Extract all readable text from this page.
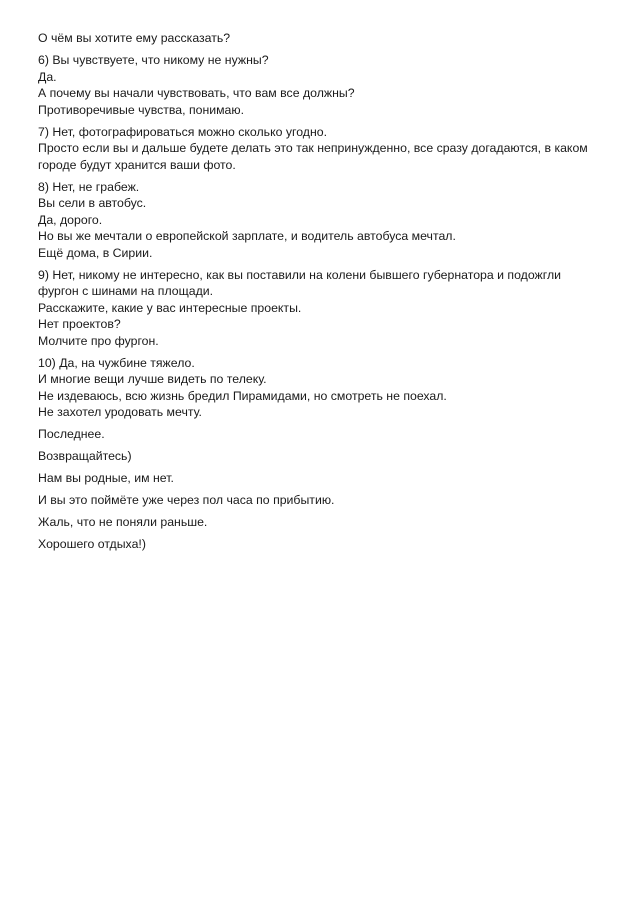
О чём вы хотите ему рассказать?

6) Вы чувствуете, что никому не нужны?
Да.
А почему вы начали чувствовать, что вам все должны?
Противоречивые чувства, понимаю.

7) Нет, фотографироваться можно сколько угодно.
Просто если вы и дальше будете делать это так непринужденно, все сразу догадаются, в каком городе будут хранится ваши фото.

8) Нет, не грабеж.
Вы сели в автобус.
Да, дорого.
Но вы же мечтали о европейской зарплате, и водитель автобуса мечтал.
Ещё дома, в Сирии.

9) Нет, никому не интересно, как вы поставили на колени бывшего губернатора и подожгли фургон с шинами на площади.
Расскажите, какие у вас интересные проекты.
Нет проектов?
Молчите про фургон.

10) Да, на чужбине тяжело.
И многие вещи лучше видеть по телеку.
Не издеваюсь, всю жизнь бредил Пирамидами, но смотреть не поехал.
Не захотел уродовать мечту.

Последнее.

Возвращайтесь)

Нам вы родные, им нет.

И вы это поймёте уже через пол часа по прибытию.

Жаль, что не поняли раньше.

Хорошего отдыха!)
